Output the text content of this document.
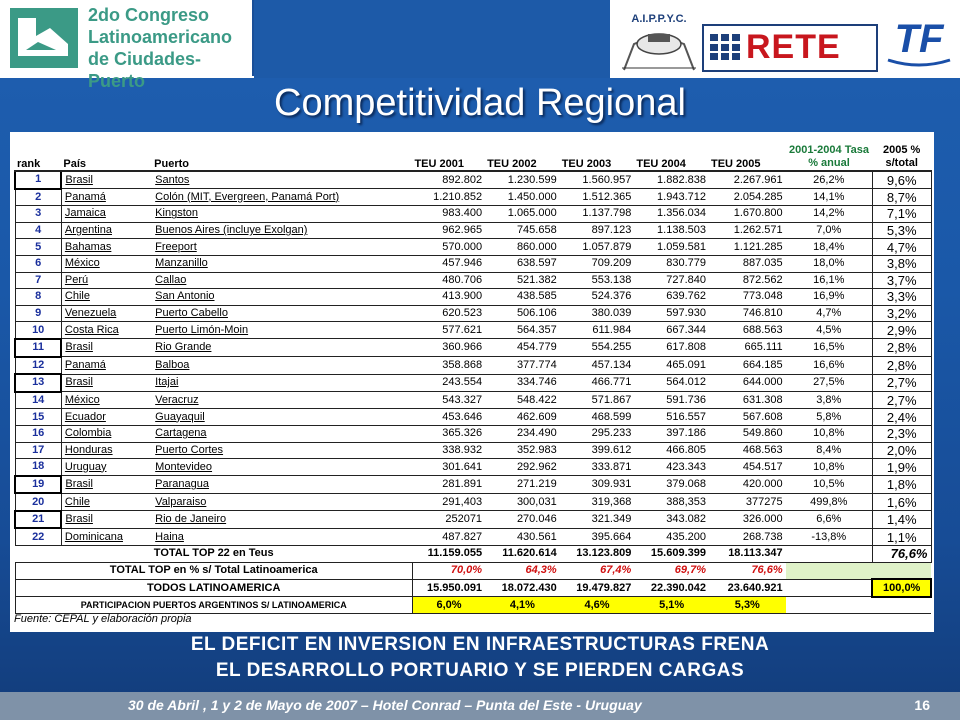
2do Congreso
Latinoamericano
de Ciudades-Puerto
A.I.P.P.Y.C.
RETE TF
Competitividad Regional
rank	País	Puerto	TEU 2001	TEU 2002	TEU 2003	TEU 2004	TEU 2005	2001-2004 Tasa % anual	2005 % s/total
1	Brasil	Santos	892.802	1.230.599	1.560.957	1.882.838	2.267.961	26,2%	9,6%
2	Panamá	Colón (MIT, Evergreen, Panamá Port)	1.210.852	1.450.000	1.512.365	1.943.712	2.054.285	14,1%	8,7%
3	Jamaica	Kingston	983.400	1.065.000	1.137.798	1.356.034	1.670.800	14,2%	7,1%
4	Argentina	Buenos Aires (incluye Exolgan)	962.965	745.658	897.123	1.138.503	1.262.571	7,0%	5,3%
5	Bahamas	Freeport	570.000	860.000	1.057.879	1.059.581	1.121.285	18,4%	4,7%
6	México	Manzanillo	457.946	638.597	709.209	830.779	887.035	18,0%	3,8%
7	Perú	Callao	480.706	521.382	553.138	727.840	872.562	16,1%	3,7%
8	Chile	San Antonio	413.900	438.585	524.376	639.762	773.048	16,9%	3,3%
9	Venezuela	Puerto Cabello	620.523	506.106	380.039	597.930	746.810	4,7%	3,2%
10	Costa Rica	Puerto Limón-Moin	577.621	564.357	611.984	667.344	688.563	4,5%	2,9%
11	Brasil	Rio Grande	360.966	454.779	554.255	617.808	665.111	16,5%	2,8%
12	Panamá	Balboa	358.868	377.774	457.134	465.091	664.185	16,6%	2,8%
13	Brasil	Itajai	243.554	334.746	466.771	564.012	644.000	27,5%	2,7%
14	México	Veracruz	543.327	548.422	571.867	591.736	631.308	3,8%	2,7%
15	Ecuador	Guayaquil	453.646	462.609	468.599	516.557	567.608	5,8%	2,4%
16	Colombia	Cartagena	365.326	234.490	295.233	397.186	549.860	10,8%	2,3%
17	Honduras	Puerto Cortes	338.932	352.983	399.612	466.805	468.563	8,4%	2,0%
18	Uruguay	Montevideo	301.641	292.962	333.871	423.343	454.517	10,8%	1,9%
19	Brasil	Paranagua	281.891	271.219	309.931	379.068	420.000	10,5%	1,8%
20	Chile	Valparaiso	291,403	300,031	319,368	388,353	377275	499,8%	1,6%
21	Brasil	Rio de Janeiro	252071	270.046	321.349	343.082	326.000	6,6%	1,4%
22	Dominicana	Haina	487.827	430.561	395.664	435.200	268.738	-13,8%	1,1%
TOTAL TOP 22 en Teus			11.159.055	11.620.614	13.123.809	15.609.399	18.113.347		76,6%
TOTAL TOP en % s/ Total Latinoamerica			70,0%	64,3%	67,4%	69,7%	76,6%		
TODOS LATINOAMERICA			15.950.091	18.072.430	19.479.827	22.390.042	23.640.921		100,0%
PARTICIPACION PUERTOS ARGENTINOS S/ LATINOAMERICA			6,0%	4,1%	4,6%	5,1%	5,3%		
Fuente: CEPAL y elaboración propia
EL DEFICIT EN INVERSION EN INFRAESTRUCTURAS FRENA
EL DESARROLLO PORTUARIO Y SE PIERDEN CARGAS
30 de Abril , 1 y 2 de Mayo de 2007 – Hotel Conrad – Punta del Este - Uruguay	16
